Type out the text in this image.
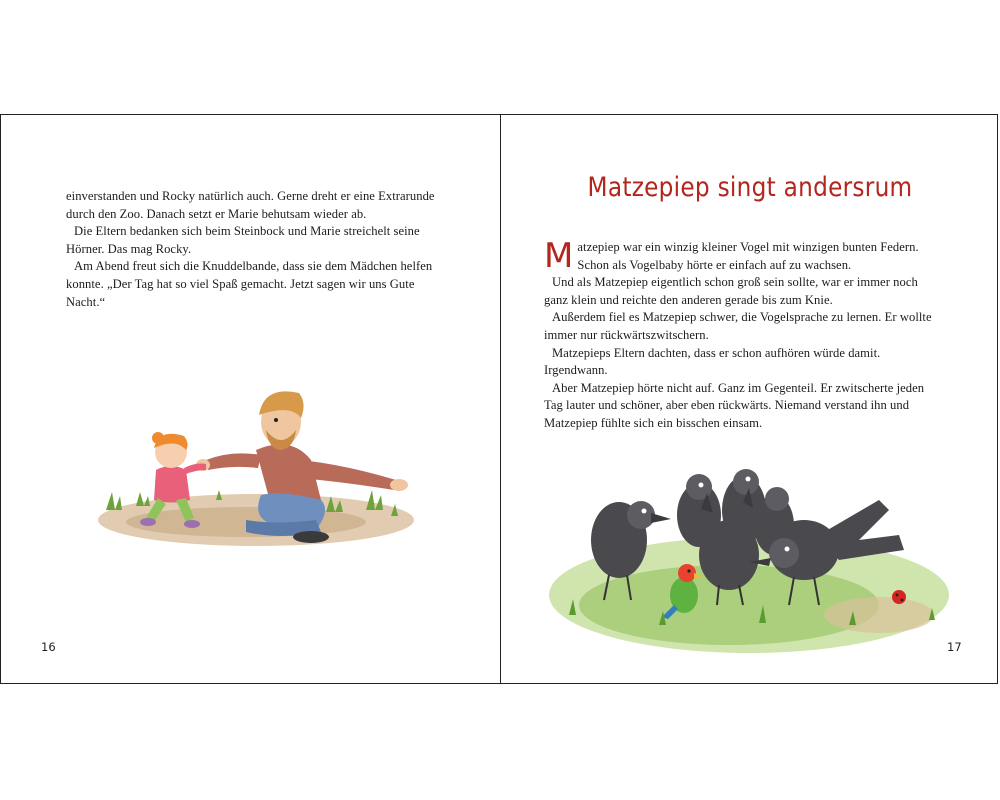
einverstanden und Rocky natürlich auch. Gerne dreht er eine Extrarunde durch den Zoo. Danach setzt er Marie behutsam wieder ab.

Die Eltern bedanken sich beim Steinbock und Marie streichelt seine Hörner. Das mag Rocky.

Am Abend freut sich die Knuddelbande, dass sie dem Mädchen helfen konnte. „Der Tag hat so viel Spaß gemacht. Jetzt sagen wir uns Gute Nacht.“

16
Matzepiep singt andersrum

Matzepiep war ein winzig kleiner Vogel mit winzigen bunten Federn. Schon als Vogelbaby hörte er einfach auf zu wachsen.

Und als Matzepiep eigentlich schon groß sein sollte, war er immer noch ganz klein und reichte den anderen gerade bis zum Knie.

Außerdem fiel es Matzepiep schwer, die Vogelsprache zu lernen. Er wollte immer nur rückwärtszwitschern.

Matzepieps Eltern dachten, dass er schon aufhören würde damit. Irgendwann.

Aber Matzepiep hörte nicht auf. Ganz im Gegenteil. Er zwitscherte jeden Tag lauter und schöner, aber eben rückwärts. Niemand verstand ihn und Matzepiep fühlte sich ein bisschen einsam.

17
